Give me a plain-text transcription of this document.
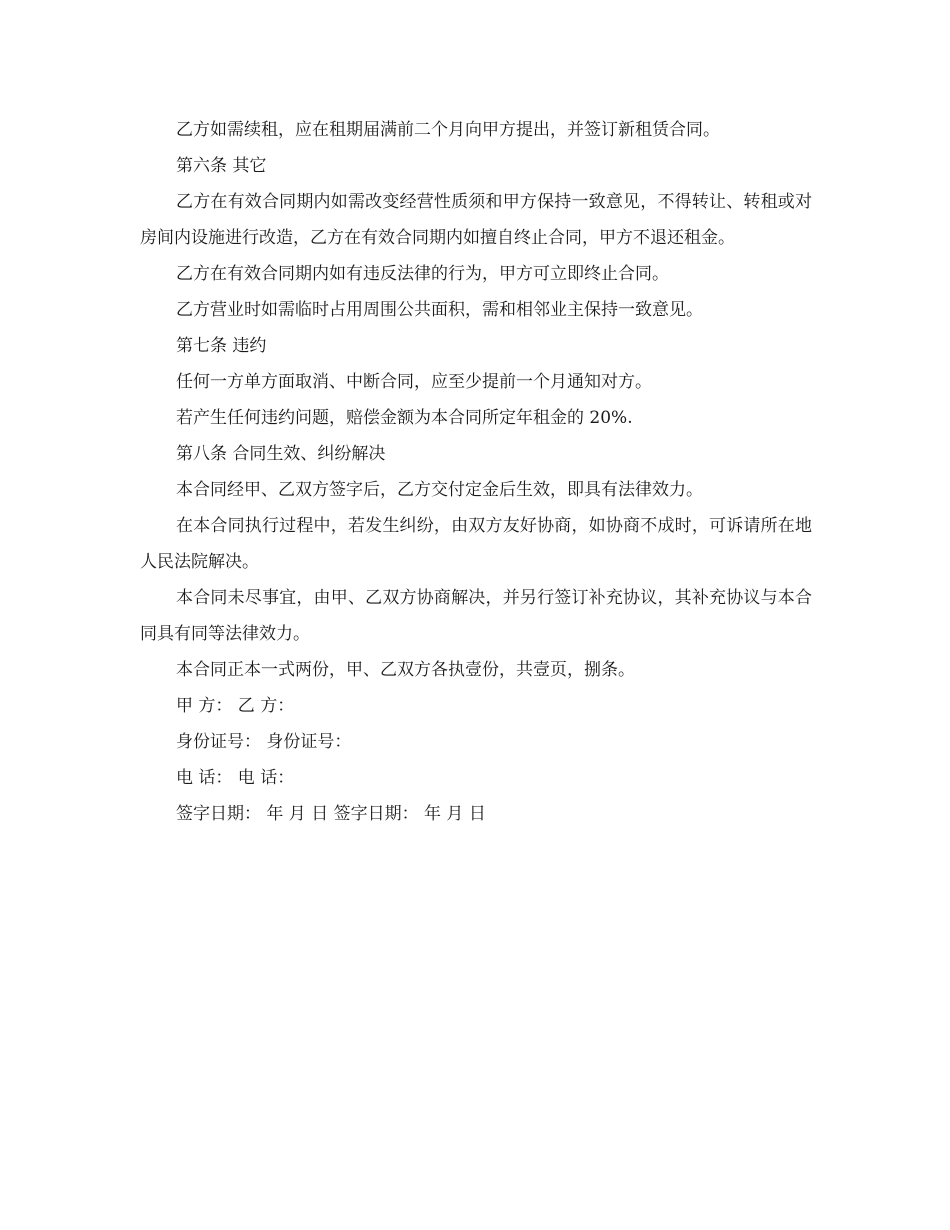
乙方如需续租，应在租期届满前二个月向甲方提出，并签订新租赁合同。

第六条 其它

乙方在有效合同期内如需改变经营性质须和甲方保持一致意见，不得转让、转租或对房间内设施进行改造，乙方在有效合同期内如擅自终止合同，甲方不退还租金。

乙方在有效合同期内如有违反法律的行为，甲方可立即终止合同。

乙方营业时如需临时占用周围公共面积，需和相邻业主保持一致意见。

第七条 违约

任何一方单方面取消、中断合同，应至少提前一个月通知对方。

若产生任何违约问题，赔偿金额为本合同所定年租金的 20%.

第八条 合同生效、纠纷解决

本合同经甲、乙双方签字后，乙方交付定金后生效，即具有法律效力。

在本合同执行过程中，若发生纠纷，由双方友好协商，如协商不成时，可诉请所在地人民法院解决。

本合同未尽事宜，由甲、乙双方协商解决，并另行签订补充协议，其补充协议与本合同具有同等法律效力。

本合同正本一式两份，甲、乙双方各执壹份，共壹页，捌条。

甲 方： 乙 方：

身份证号： 身份证号：

电 话： 电 话：

签字日期： 年 月 日 签字日期： 年 月 日
